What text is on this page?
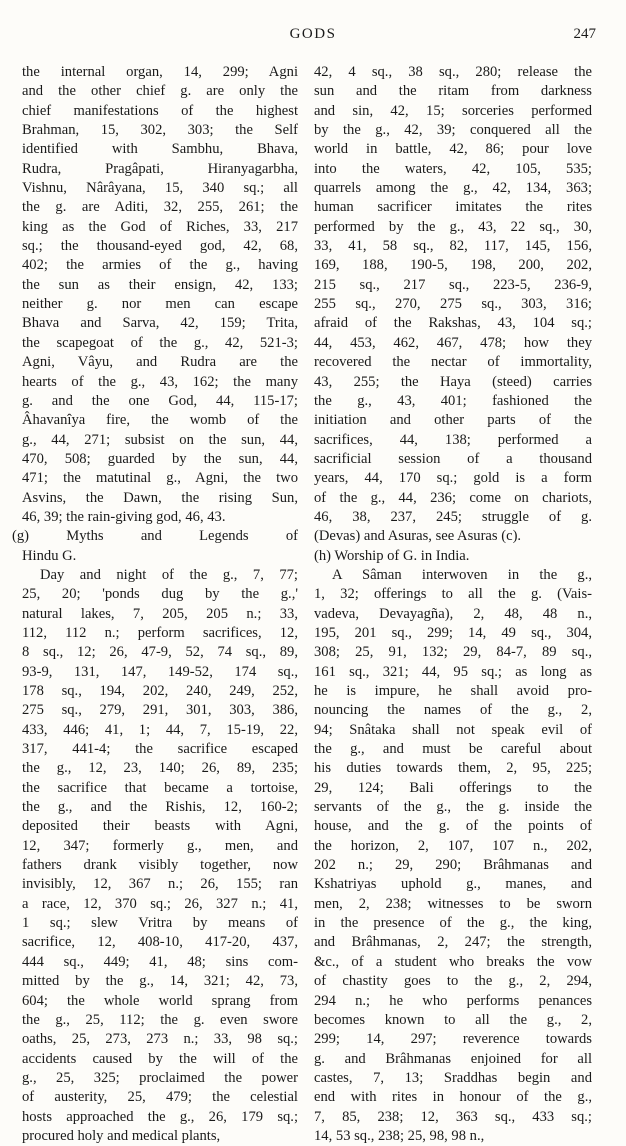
GODS	247

the internal organ, 14, 299; Agni

and the other chief g. are only the

chief manifestations of the highest

Brahman, 15, 302, 303; the Self

identified with Sambhu, Bhava,

Rudra, Pragâpati, Hiranyagarbha,

Vishnu, Nârâyana, 15, 340 sq.; all

the g. are Aditi, 32, 255, 261; the

king as the God of Riches, 33, 217

sq.; the thousand-eyed god, 42, 68,

402; the armies of the g., having

the sun as their ensign, 42, 133;

neither g. nor men can escape

Bhava and Sarva, 42, 159; Trita,

the scapegoat of the g., 42, 521-3;

Agni, Vâyu, and Rudra are the

hearts of the g., 43, 162; the many

g. and the one God, 44, 115-17;

Âhavanîya fire, the womb of the

g., 44, 271; subsist on the sun, 44,

470, 508; guarded by the sun, 44,

471; the matutinal g., Agni, the two

Asvins, the Dawn, the rising Sun,

46, 39; the rain-giving god, 46, 43.

(g) Myths and Legends of

Hindu G.

Day and night of the g., 7, 77;

25, 20; 'ponds dug by the g.,'

natural lakes, 7, 205, 205 n.; 33,

112, 112 n.; perform sacrifices, 12,

8 sq., 12; 26, 47-9, 52, 74 sq., 89,

93-9, 131, 147, 149-52, 174 sq.,

178 sq., 194, 202, 240, 249, 252,

275 sq., 279, 291, 301, 303, 386,

433, 446; 41, 1; 44, 7, 15-19, 22,

317, 441-4; the sacrifice escaped

the g., 12, 23, 140; 26, 89, 235;

the sacrifice that became a tortoise,

the g., and the Rishis, 12, 160-2;

deposited their beasts with Agni,

12, 347; formerly g., men, and

fathers drank visibly together, now

invisibly, 12, 367 n.; 26, 155; ran

a race, 12, 370 sq.; 26, 327 n.; 41,

1 sq.; slew Vritra by means of

sacrifice, 12, 408-10, 417-20, 437,

444 sq., 449; 41, 48; sins com-

mitted by the g., 14, 321; 42, 73,

604; the whole world sprang from

the g., 25, 112; the g. even swore

oaths, 25, 273, 273 n.; 33, 98 sq.;

accidents caused by the will of the

g., 25, 325; proclaimed the power

of austerity, 25, 479; the celestial

hosts approached the g., 26, 179 sq.;

procured holy and medical plants,

42, 4 sq., 38 sq., 280; release the

sun and the ritam from darkness

and sin, 42, 15; sorceries performed

by the g., 42, 39; conquered all the

world in battle, 42, 86; pour love

into the waters, 42, 105, 535;

quarrels among the g., 42, 134, 363;

human sacrificer imitates the rites

performed by the g., 43, 22 sq., 30,

33, 41, 58 sq., 82, 117, 145, 156,

169, 188, 190-5, 198, 200, 202,

215 sq., 217 sq., 223-5, 236-9,

255 sq., 270, 275 sq., 303, 316;

afraid of the Rakshas, 43, 104 sq.;

44, 453, 462, 467, 478; how they

recovered the nectar of immortality,

43, 255; the Haya (steed) carries

the g., 43, 401; fashioned the

initiation and other parts of the

sacrifices, 44, 138; performed a

sacrificial session of a thousand

years, 44, 170 sq.; gold is a form

of the g., 44, 236; come on chariots,

46, 38, 237, 245; struggle of g.

(Devas) and Asuras, see Asuras (c).

(h) Worship of G. in India.

A Sâman interwoven in the g.,

1, 32; offerings to all the g. (Vais-

vadeva, Devayagña), 2, 48, 48 n.,

195, 201 sq., 299; 14, 49 sq., 304,

308; 25, 91, 132; 29, 84-7, 89 sq.,

161 sq., 321; 44, 95 sq.; as long as

he is impure, he shall avoid pro-

nouncing the names of the g., 2,

94; Snâtaka shall not speak evil of

the g., and must be careful about

his duties towards them, 2, 95, 225;

29, 124; Bali offerings to the

servants of the g., the g. inside the

house, and the g. of the points of

the horizon, 2, 107, 107 n., 202,

202 n.; 29, 290; Brâhmanas and

Kshatriyas uphold g., manes, and

men, 2, 238; witnesses to be sworn

in the presence of the g., the king,

and Brâhmanas, 2, 247; the strength,

&c., of a student who breaks the vow

of chastity goes to the g., 2, 294,

294 n.; he who performs penances

becomes known to all the g., 2,

299; 14, 297; reverence towards

g. and Brâhmanas enjoined for all

castes, 7, 13; Sraddhas begin and

end with rites in honour of the g.,

7, 85, 238; 12, 363 sq., 433 sq.;

14, 53 sq., 238; 25, 98, 98 n.,
